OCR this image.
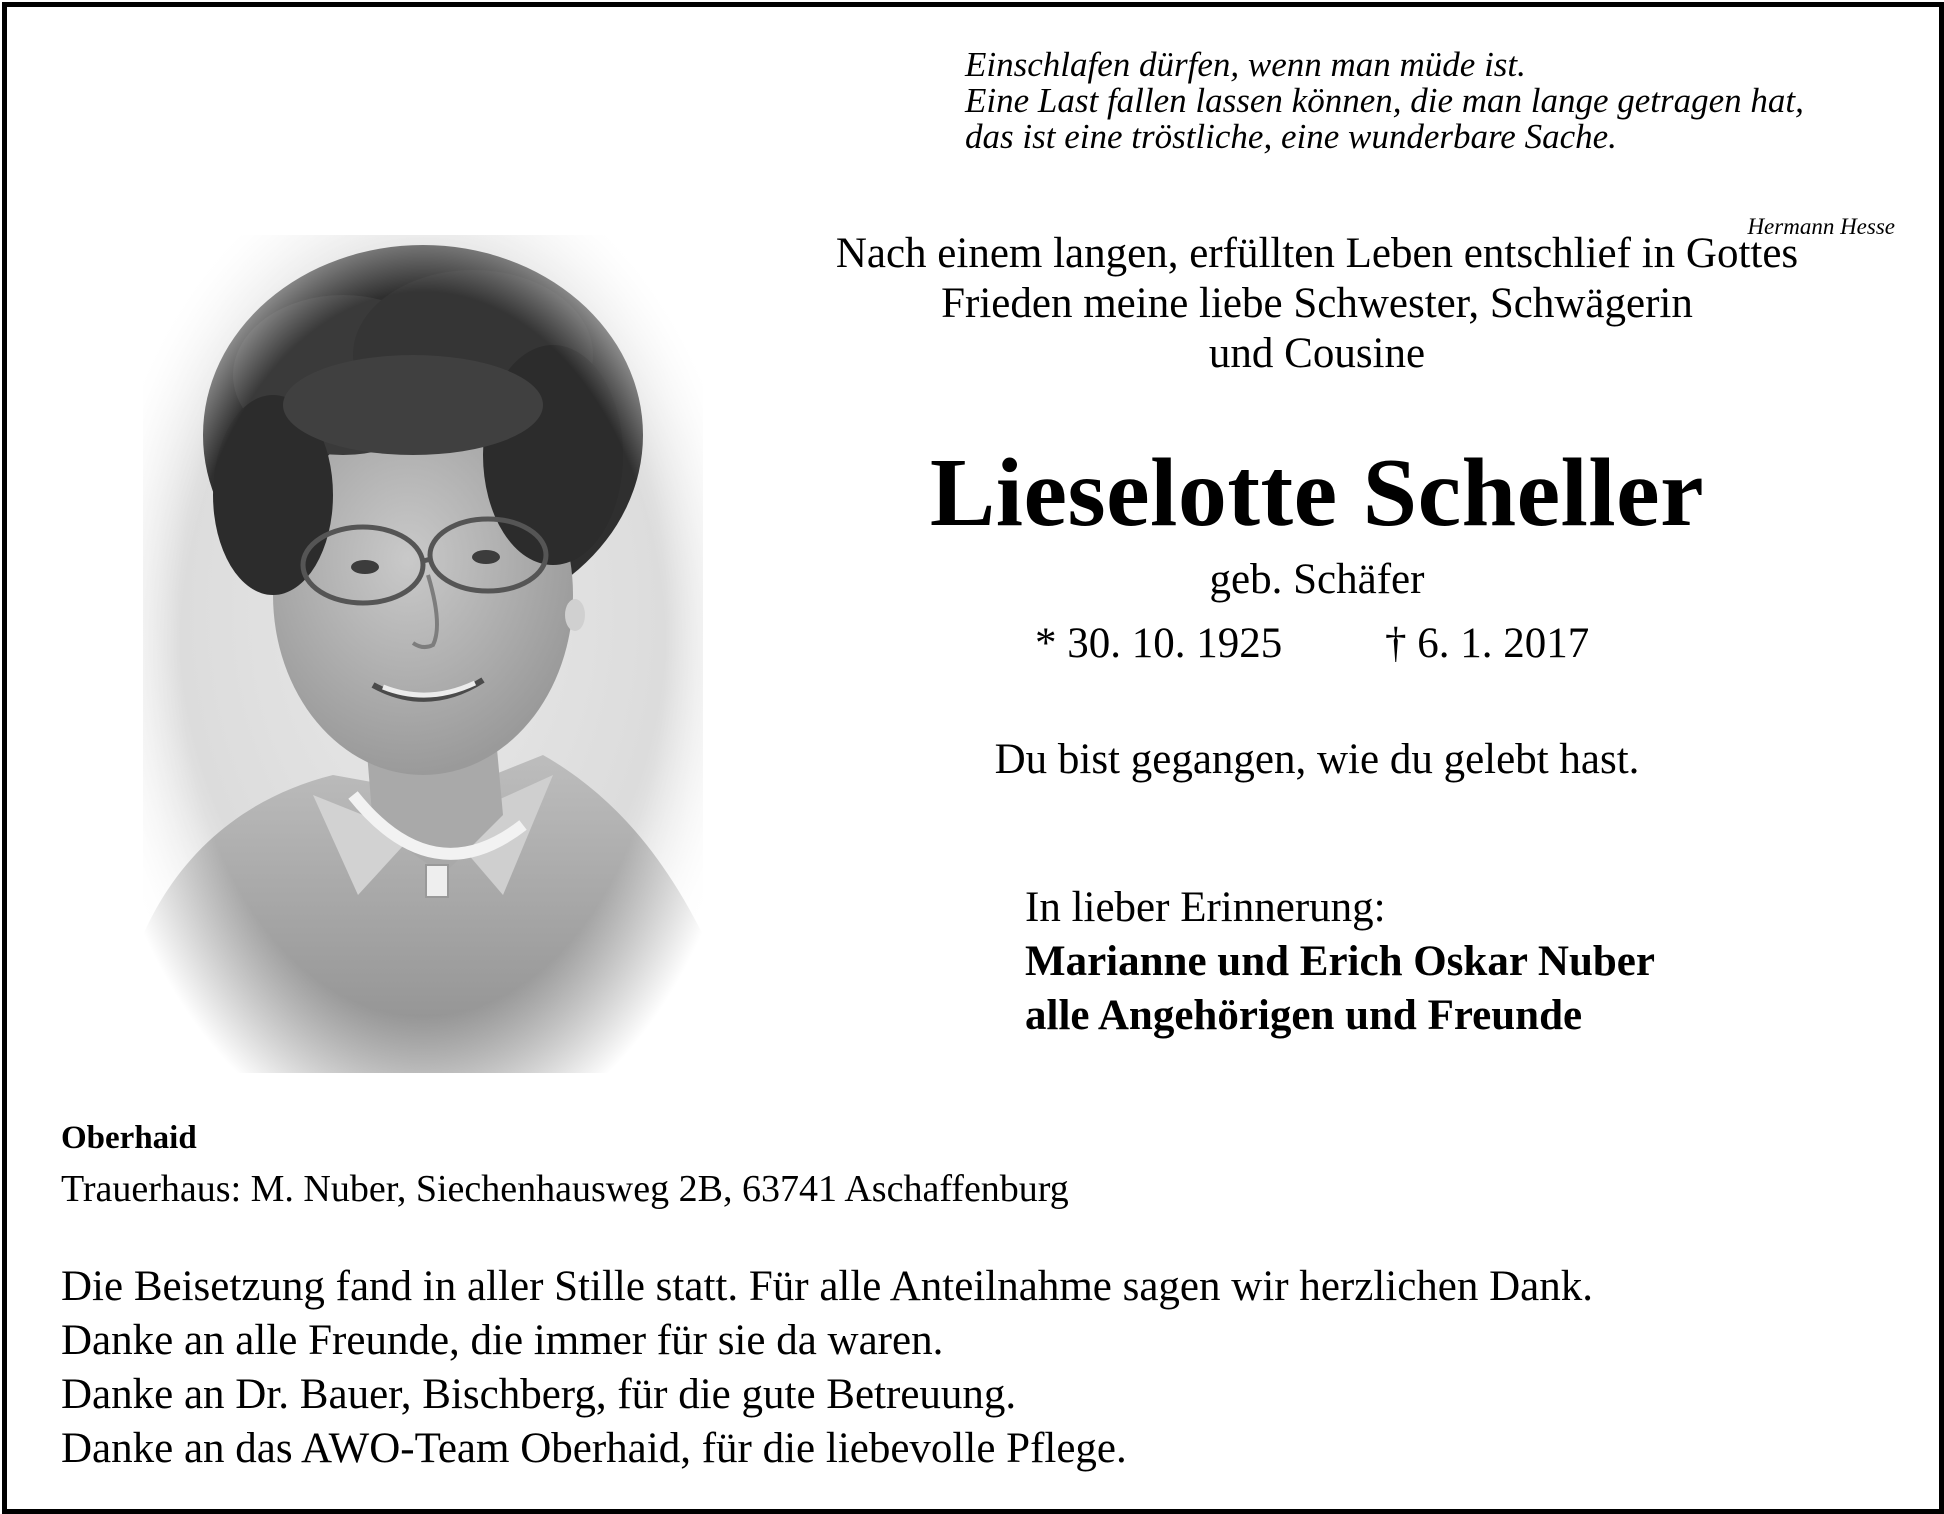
Einschlafen dürfen, wenn man müde ist.
Eine Last fallen lassen können, die man lange getragen hat,
das ist eine tröstliche, eine wunderbare Sache.
Hermann Hesse
Nach einem langen, erfüllten Leben entschlief in Gottes
Frieden meine liebe Schwester, Schwägerin
und Cousine
Lieselotte Scheller
geb. Schäfer
* 30. 10. 1925 † 6. 1. 2017
Du bist gegangen, wie du gelebt hast.
In lieber Erinnerung:
Marianne und Erich Oskar Nuber
alle Angehörigen und Freunde
Oberhaid
Trauerhaus: M. Nuber, Siechenhausweg 2B, 63741 Aschaffenburg
Die Beisetzung fand in aller Stille statt. Für alle Anteilnahme sagen wir herzlichen Dank.
Danke an alle Freunde, die immer für sie da waren.
Danke an Dr. Bauer, Bischberg, für die gute Betreuung.
Danke an das AWO-Team Oberhaid, für die liebevolle Pflege.
